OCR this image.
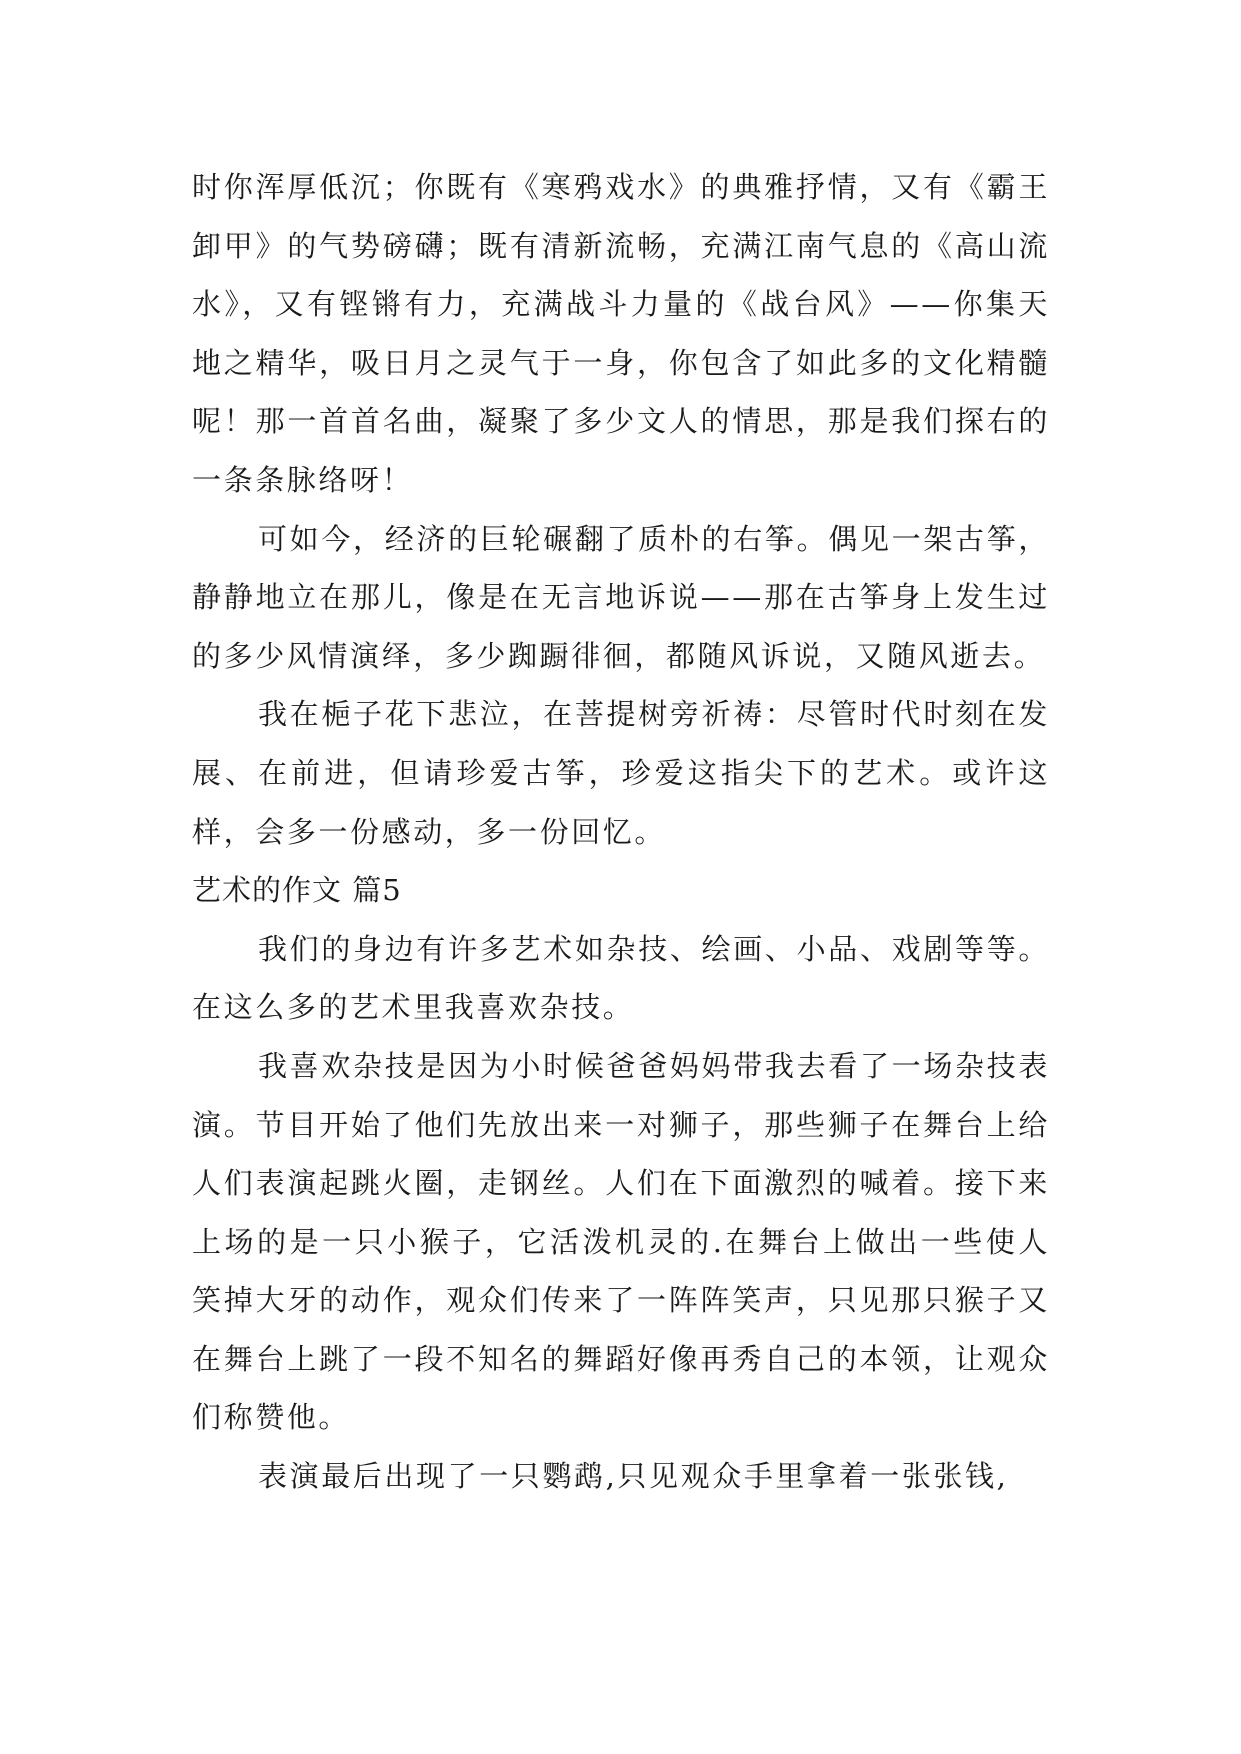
时你浑厚低沉；你既有《寒鸦戏水》的典雅抒情，又有《霸王卸甲》的气势磅礴；既有清新流畅，充满江南气息的《高山流水》，又有铿锵有力，充满战斗力量的《战台风》——你集天地之精华，吸日月之灵气于一身，你包含了如此多的文化精髓呢！那一首首名曲，凝聚了多少文人的情思，那是我们探右的一条条脉络呀！

可如今，经济的巨轮碾翻了质朴的右筝。偶见一架古筝，静静地立在那儿，像是在无言地诉说——那在古筝身上发生过的多少风情演绎，多少踟蹰徘徊，都随风诉说，又随风逝去。

我在梔子花下悲泣，在菩提树旁祈祷：尽管时代时刻在发展、在前进，但请珍爱古筝，珍爱这指尖下的艺术。或许这样，会多一份感动，多一份回忆。

艺术的作文 篇5

我们的身边有许多艺术如杂技、绘画、小品、戏剧等等。在这么多的艺术里我喜欢杂技。

我喜欢杂技是因为小时候爸爸妈妈带我去看了一场杂技表演。节目开始了他们先放出来一对狮子，那些狮子在舞台上给人们表演起跳火圈，走钢丝。人们在下面激烈的喊着。接下来上场的是一只小猴子，它活泼机灵的.在舞台上做出一些使人笑掉大牙的动作，观众们传来了一阵阵笑声，只见那只猴子又在舞台上跳了一段不知名的舞蹈好像再秀自己的本领，让观众们称赞他。

表演最后出现了一只鹦鹉,只见观众手里拿着一张张钱,
